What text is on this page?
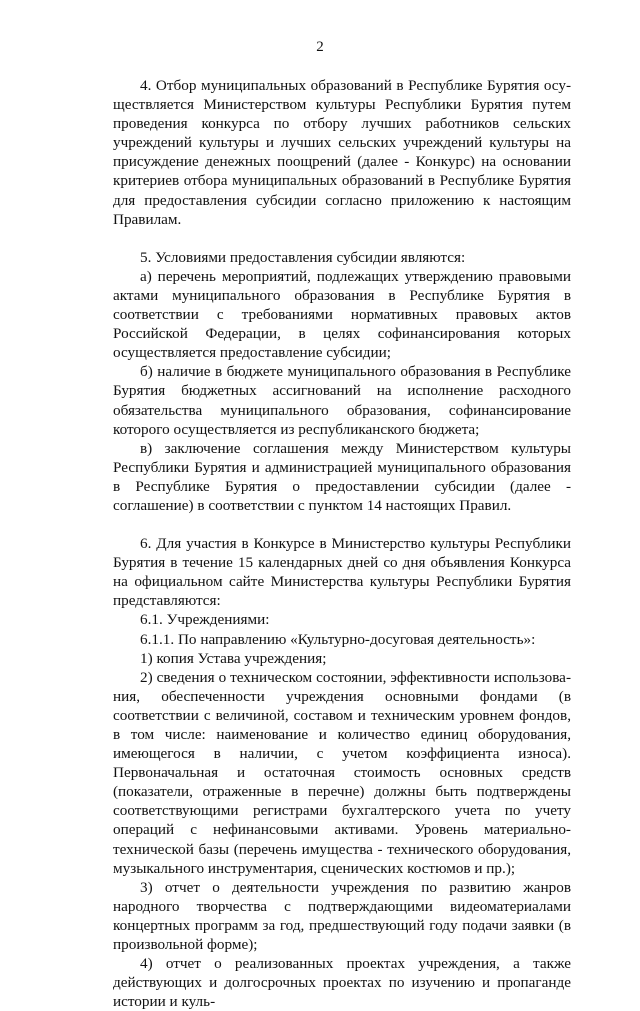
2

4. Отбор муниципальных образований в Республике Бурятия осуществляется Министерством культуры Республики Бурятия путем проведения конкурса по отбору лучших работников сельских учреждений культуры и лучших сельских учреждений культуры на присуждение денежных поощрений (далее - Конкурс) на основании критериев отбора муниципальных образований в Республике Бурятия для предоставления субсидии согласно приложению к настоящим Правилам.

5. Условиями предоставления субсидии являются:

а) перечень мероприятий, подлежащих утверждению правовыми актами муниципального образования в Республике Бурятия в соответствии с требованиями нормативных правовых актов Российской Федерации, в целях софинансирования которых осуществляется предоставление субсидии;

б) наличие в бюджете муниципального образования в Республике Бурятия бюджетных ассигнований на исполнение расходного обязательства муниципального образования, софинансирование которого осуществляется из республиканского бюджета;

в) заключение соглашения между Министерством культуры Республики Бурятия и администрацией муниципального образования в Республике Бурятия о предоставлении субсидии (далее - соглашение) в соответствии с пунктом 14 настоящих Правил.

6. Для участия в Конкурсе в Министерство культуры Республики Бурятия в течение 15 календарных дней со дня объявления Конкурса на официальном сайте Министерства культуры Республики Бурятия представляются:

6.1. Учреждениями:

6.1.1. По направлению «Культурно-досуговая деятельность»:

1) копия Устава учреждения;

2) сведения о техническом состоянии, эффективности использования, обеспеченности учреждения основными фондами (в соответствии с величиной, составом и техническим уровнем фондов, в том числе: наименование и количество единиц оборудования, имеющегося в наличии, с учетом коэффициента износа). Первоначальная и остаточная стоимость основных средств (показатели, отраженные в перечне) должны быть подтверждены соответствующими регистрами бухгалтерского учета по учету операций с нефинансовыми активами. Уровень материально-технической базы (перечень имущества - технического оборудования, музыкального инструментария, сценических костюмов и пр.);

3) отчет о деятельности учреждения по развитию жанров народного творчества с подтверждающими видеоматериалами концертных программ за год, предшествующий году подачи заявки (в произвольной форме);

4) отчет о реализованных проектах учреждения, а также действующих и долгосрочных проектах по изучению и пропаганде истории и куль-
